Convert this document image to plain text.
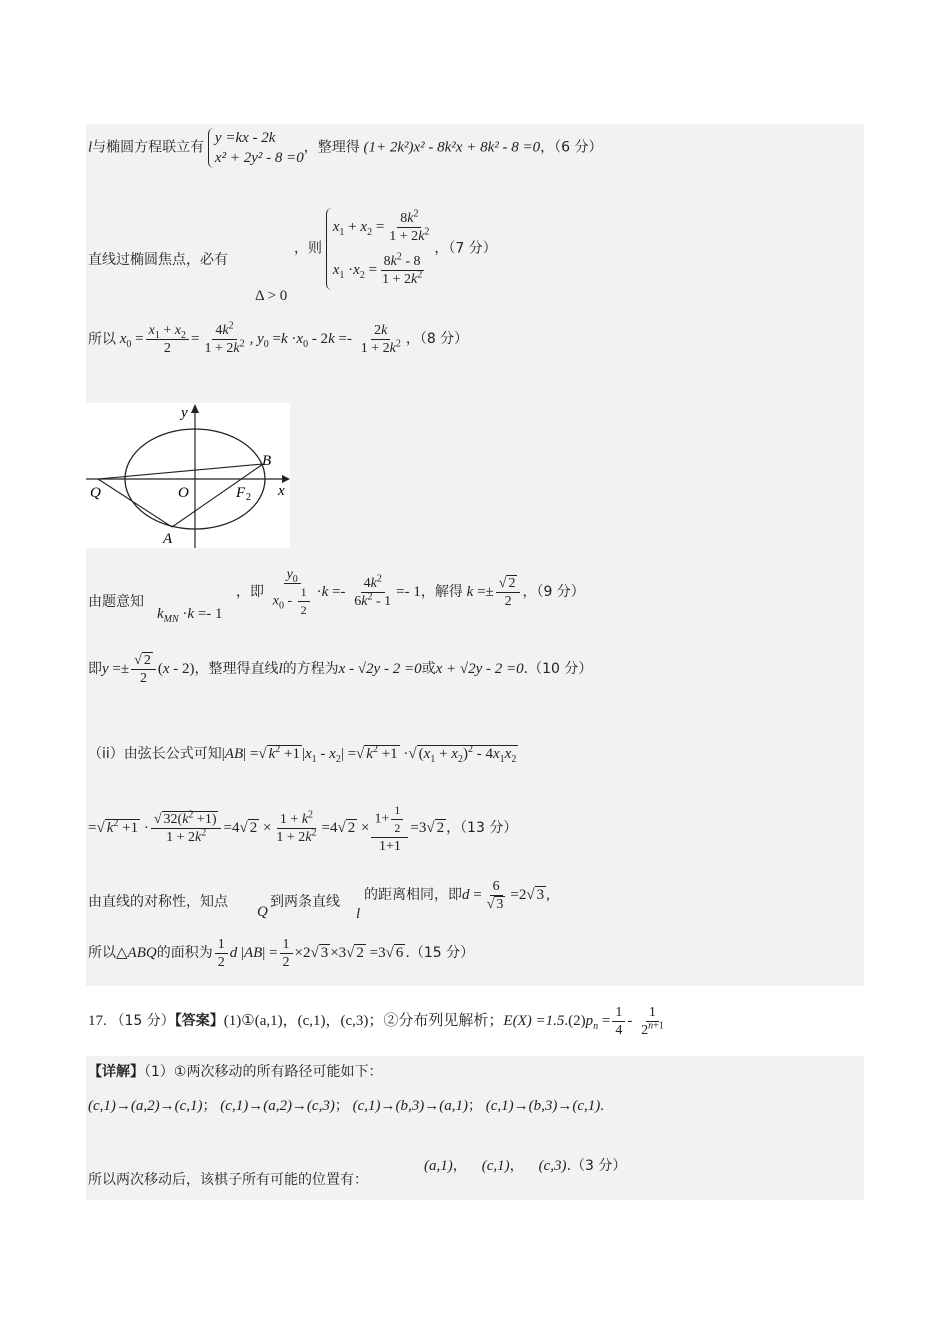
l与椭圆方程联立有
y =kx - 2k
x² + 2y² - 8 =0
，整理得 (1+ 2k²)x² - 8k²x + 8k² - 8 =0，（6 分）
直线过椭圆焦点，必有
Δ > 0
，则
$x_1 + x_2 = \frac{8k^2}{1 + 2k^2}$
$x_1 \cdot x_2 = \frac{8k^2 - 8}{1 + 2k^2}$
，（7 分）
所以 $x_0 = \frac{x_1 + x_2}{2} = \frac{4k^2}{1 + 2k^2}$ , $y_0 =k \cdot x_0 - 2k =- \frac{2k}{1 + 2k^2}$ ，（8 分）
y
x
Q	O	F 2
B
A
由题意知
$k_{MN} \cdot k =- 1$
，即 $\frac{y_0}{x_0 - \frac{1}{2}} \cdot k =- \frac{4k^2}{6k^2 - 1} =- 1$，解得 $k =\pm \frac{√ 2}{2}$ ，（9 分）
即$y =\pm \frac{√ 2}{2} (x - 2)$，整理得直线l的方程为x - √2y - 2 =0或x + √2y - 2 =0.（10 分）
（ii）由弦长公式可知|AB| =√ $k^2 +1$ $|x_1 - x_2|$ =√ $k^2 +1$ ·√ $(x_1 + x_2)^2 - 4x_1x_2$
=√ $k^2 +1 \cdot \frac{√ 32(k^2 +1)}{1 + 2k^2} =4√$ $2 \times \frac{1 + k^2}{1 + 2k^2} =4√$ $2 \times \frac{1+ \frac{1}{2}}{1+1} =3√$ 2 ，（13 分）
由直线的对称性，知点
Q
到两条直线
l
的距离相同，即$d = \frac{6}{√ 3} =2√$ 3 ,
所以△ABQ的面积为 $\frac{1}{2}$ d $|AB| = \frac{1}{2} \times 2√$ 3 ×3√ 2 =3√ 6 .（15 分）
17. （15 分）【答案】(1)①(a,1)，(c,1)，(c,3)；②分布列见解析；$E(X) =1.5.(2)p_n = \frac{1}{4} - \frac{1}{2^{n+1}}$
【详解】（1）①两次移动的所有路径可能如下：
(c,1)→(a,2)→(c,1)； (c,1)→(a,2)→(c,3)； (c,1)→(b,3)→(a,1)； (c,1)→(b,3)→(c,1).
所以两次移动后，该棋子所有可能的位置有：
(a,1)， (c,1)， (c,3).（3 分）
